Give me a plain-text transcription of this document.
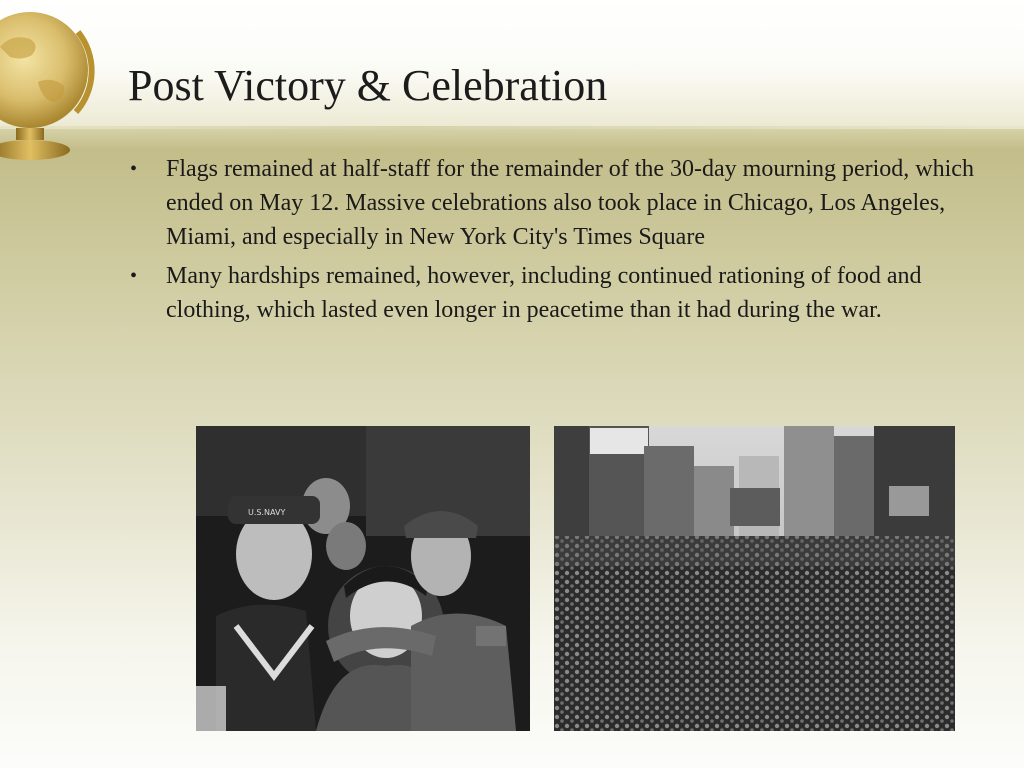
Post Victory & Celebration
• Flags remained at half-staff for the remainder of the 30-day mourning period, which ended on May 12. Massive celebrations also took place in Chicago, Los Angeles, Miami, and especially in New York City's Times Square
• Many hardships remained, however, including continued rationing of food and clothing, which lasted even longer in peacetime than it had during the war.
U.S.NAVY
